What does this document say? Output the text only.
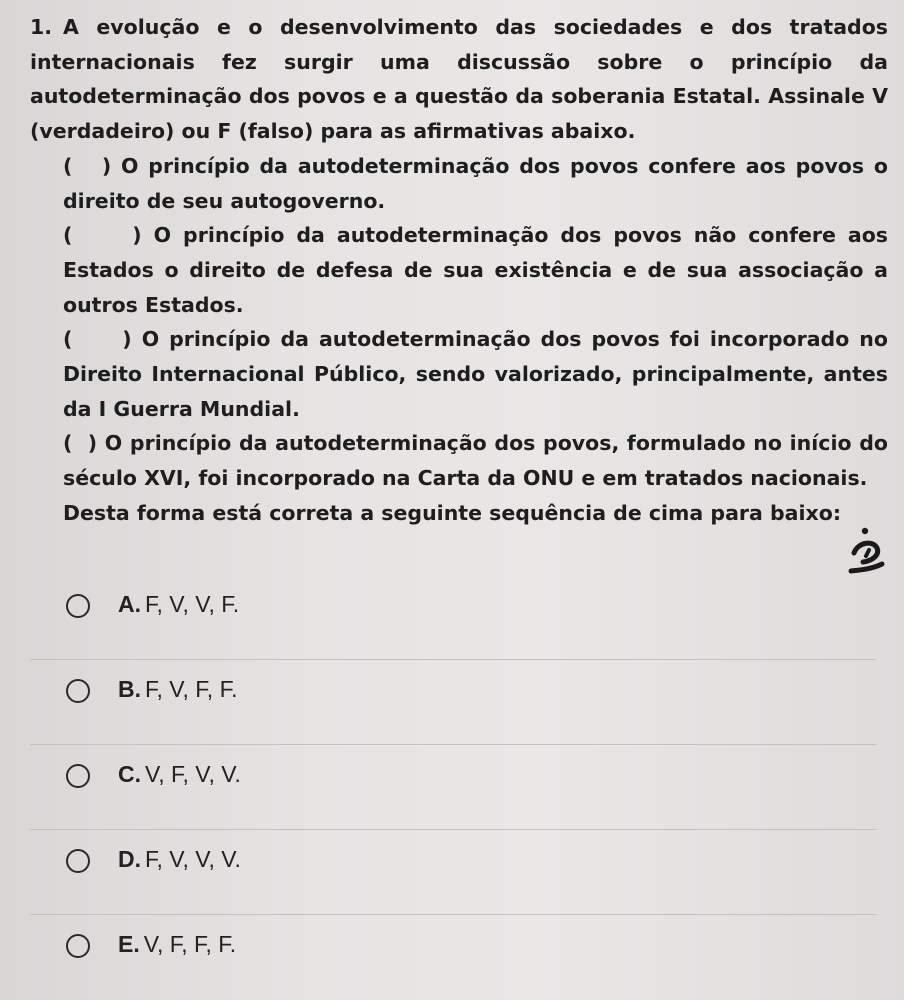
1. A evolução e o desenvolvimento das sociedades e dos tratados internacionais fez surgir uma discussão sobre o princípio da autodeterminação dos povos e a questão da soberania Estatal. Assinale V (verdadeiro) ou F (falso) para as afirmativas abaixo.

(   ) O princípio da autodeterminação dos povos confere aos povos o direito de seu autogoverno.

(     ) O princípio da autodeterminação dos povos não confere aos Estados o direito de defesa de sua existência e de sua associação a outros Estados.

(     ) O princípio da autodeterminação dos povos foi incorporado no Direito Internacional Público, sendo valorizado, principalmente, antes da I Guerra Mundial.

(  ) O princípio da autodeterminação dos povos, formulado no início do século XVI, foi incorporado na Carta da ONU e em tratados nacionais.

Desta forma está correta a seguinte sequência de cima para baixo:

A. F, V, V, F.
B. F, V, F, F.
C. V, F, V, V.
D. F, V, V, V.
E. V, F, F, F.
